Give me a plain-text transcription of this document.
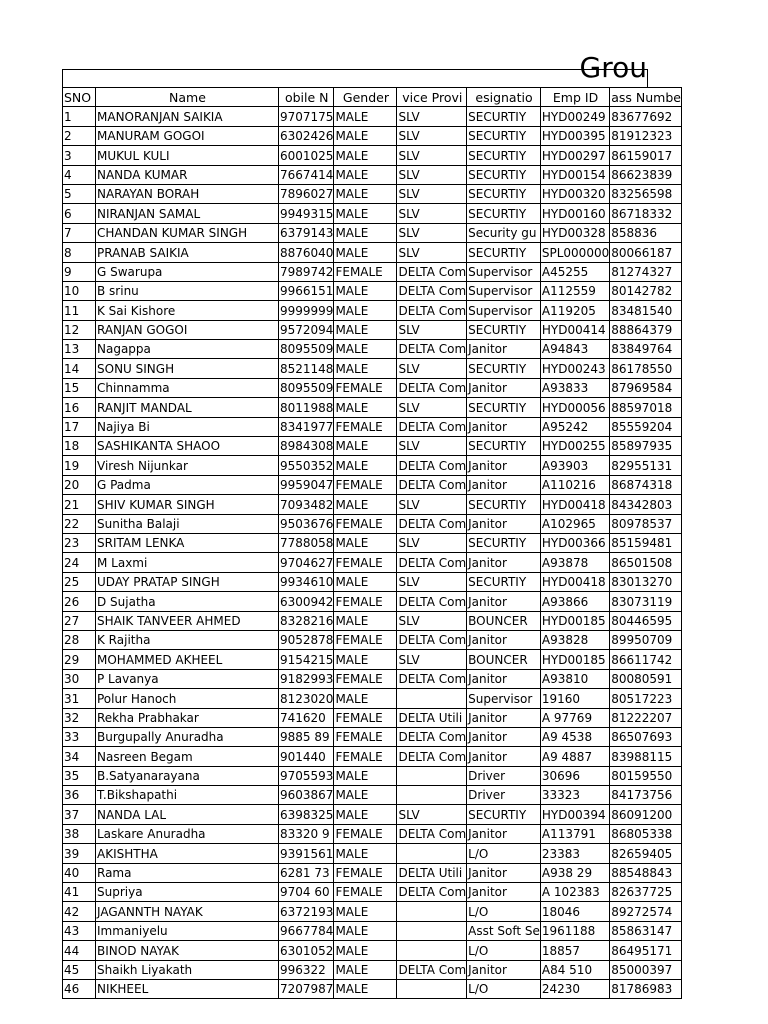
Grou
SNO	Name	obile N	Gender	vice Provi	esignatio	Emp ID	ass Numbe
1	MANORANJAN SAIKIA	9707175	MALE	SLV	SECURTIY	HYD00249	83677692
2	MANURAM GOGOI	6302426	MALE	SLV	SECURTIY	HYD00395	81912323
3	MUKUL KULI	6001025	MALE	SLV	SECURTIY	HYD00297	86159017
4	NANDA KUMAR	7667414	MALE	SLV	SECURTIY	HYD00154	86623839
5	NARAYAN BORAH	7896027	MALE	SLV	SECURTIY	HYD00320	83256598
6	NIRANJAN SAMAL	9949315	MALE	SLV	SECURTIY	HYD00160	86718332
7	CHANDAN KUMAR SINGH	6379143	MALE	SLV	Security gu	HYD00328	858836
8	PRANAB SAIKIA	8876040	MALE	SLV	SECURTIY	SPL000000	80066187
9	G Swarupa	7989742	FEMALE	DELTA Com	Supervisor	A45255	81274327
10	B srinu	9966151	MALE	DELTA Com	Supervisor	A112559	80142782
11	K Sai Kishore	9999999	MALE	DELTA Com	Supervisor	A119205	83481540
12	RANJAN GOGOI	9572094	MALE	SLV	SECURTIY	HYD00414	88864379
13	Nagappa	8095509	MALE	DELTA Com	Janitor	A94843	83849764
14	SONU SINGH	8521148	MALE	SLV	SECURTIY	HYD00243	86178550
15	Chinnamma	8095509	FEMALE	DELTA Com	Janitor	A93833	87969584
16	RANJIT MANDAL	8011988	MALE	SLV	SECURTIY	HYD00056	88597018
17	Najiya Bi	8341977	FEMALE	DELTA Com	Janitor	A95242	85559204
18	SASHIKANTA SHAOO	8984308	MALE	SLV	SECURTIY	HYD00255	85897935
19	Viresh Nijunkar	9550352	MALE	DELTA Com	Janitor	A93903	82955131
20	G Padma	9959047	FEMALE	DELTA Com	Janitor	A110216	86874318
21	SHIV KUMAR SINGH	7093482	MALE	SLV	SECURTIY	HYD00418	84342803
22	Sunitha Balaji	9503676	FEMALE	DELTA Com	Janitor	A102965	80978537
23	SRITAM LENKA	7788058	MALE	SLV	SECURTIY	HYD00366	85159481
24	M Laxmi	9704627	FEMALE	DELTA Com	Janitor	A93878	86501508
25	UDAY PRATAP SINGH	9934610	MALE	SLV	SECURTIY	HYD00418	83013270
26	D Sujatha	6300942	FEMALE	DELTA Com	Janitor	A93866	83073119
27	SHAIK TANVEER AHMED	8328216	MALE	SLV	BOUNCER	HYD00185	80446595
28	K Rajitha	9052878	FEMALE	DELTA Com	Janitor	A93828	89950709
29	MOHAMMED AKHEEL	9154215	MALE	SLV	BOUNCER	HYD00185	86611742
30	P Lavanya	9182993	FEMALE	DELTA Com	Janitor	A93810	80080591
31	Polur Hanoch	8123020	MALE		Supervisor	19160	80517223
32	Rekha Prabhakar	741620	FEMALE	DELTA Utili	Janitor	A 97769	81222207
33	Burgupally Anuradha	9885 89	FEMALE	DELTA Com	Janitor	A9 4538	86507693
34	Nasreen Begam	901440	FEMALE	DELTA Com	Janitor	A9 4887	83988115
35	B.Satyanarayana	9705593	MALE		Driver	30696	80159550
36	T.Bikshapathi	9603867	MALE		Driver	33323	84173756
37	NANDA LAL	6398325	MALE	SLV	SECURTIY	HYD00394	86091200
38	Laskare Anuradha	83320 9	FEMALE	DELTA Com	Janitor	A113791	86805338
39	AKISHTHA	9391561	MALE		L/O	23383	82659405
40	Rama	6281 73	FEMALE	DELTA Utili	Janitor	A938 29	88548843
41	Supriya	9704 60	FEMALE	DELTA Com	Janitor	A 102383	82637725
42	JAGANNTH NAYAK	6372193	MALE		L/O	18046	89272574
43	Immaniyelu	9667784	MALE		Asst Soft Se	1961188	85863147
44	BINOD NAYAK	6301052	MALE		L/O	18857	86495171
45	Shaikh Liyakath	996322	MALE	DELTA Com	Janitor	A84 510	85000397
46	NIKHEEL	7207987	MALE		L/O	24230	81786983
